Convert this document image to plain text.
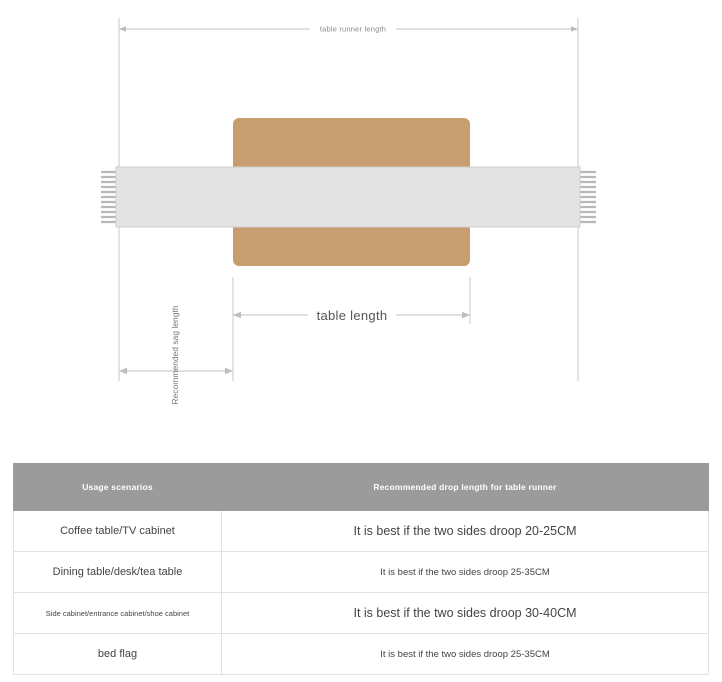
table runner length
table length
Recommended sag length
Usage scenarios	Recommended drop length for table runner
Coffee table/TV cabinet	It is best if the two sides droop 20-25CM
Dining table/desk/tea table	It is best if the two sides droop 25-35CM
Side cabinet/entrance cabinet/shoe cabinet	It is best if the two sides droop 30-40CM
bed flag	It is best if the two sides droop 25-35CM
